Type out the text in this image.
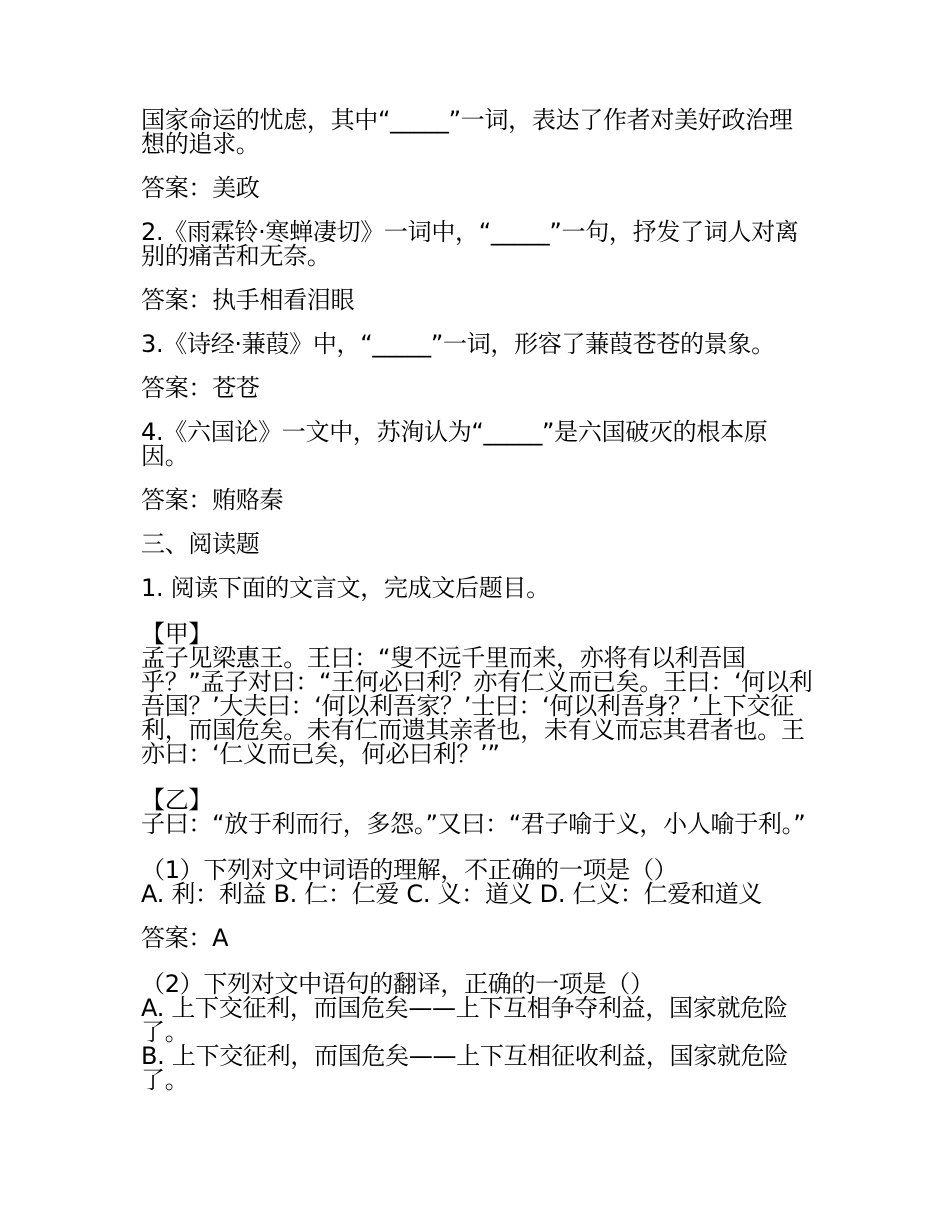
国家命运的忧虑，其中“_____”一词，表达了作者对美好政治理想的追求。
答案：美政
2.《雨霖铃·寒蝉凄切》一词中，“_____”一句，抒发了词人对离别的痛苦和无奈。
答案：执手相看泪眼
3.《诗经·蒹葭》中，“_____”一词，形容了蒹葭苍苍的景象。
答案：苍苍
4.《六国论》一文中，苏洵认为“_____”是六国破灭的根本原因。
答案：贿赂秦
三、阅读题
1. 阅读下面的文言文，完成文后题目。
【甲】
孟子见梁惠王。王曰：“叟不远千里而来，亦将有以利吾国乎？”孟子对曰：“王何必曰利？亦有仁义而已矣。王曰：‘何以利吾国？’大夫曰：‘何以利吾家？’士曰：‘何以利吾身？’上下交征利，而国危矣。未有仁而遗其亲者也，未有义而忘其君者也。王亦曰：‘仁义而已矣，何必曰利？’”
【乙】
子曰：“放于利而行，多怨。”又曰：“君子喻于义，小人喻于利。”
（1）下列对文中词语的理解，不正确的一项是（）
A. 利：利益 B. 仁：仁爱 C. 义：道义 D. 仁义：仁爱和道义
答案：A
（2）下列对文中语句的翻译，正确的一项是（）
A. 上下交征利，而国危矣——上下互相争夺利益，国家就危险了。
B. 上下交征利，而国危矣——上下互相征收利益，国家就危险了。
